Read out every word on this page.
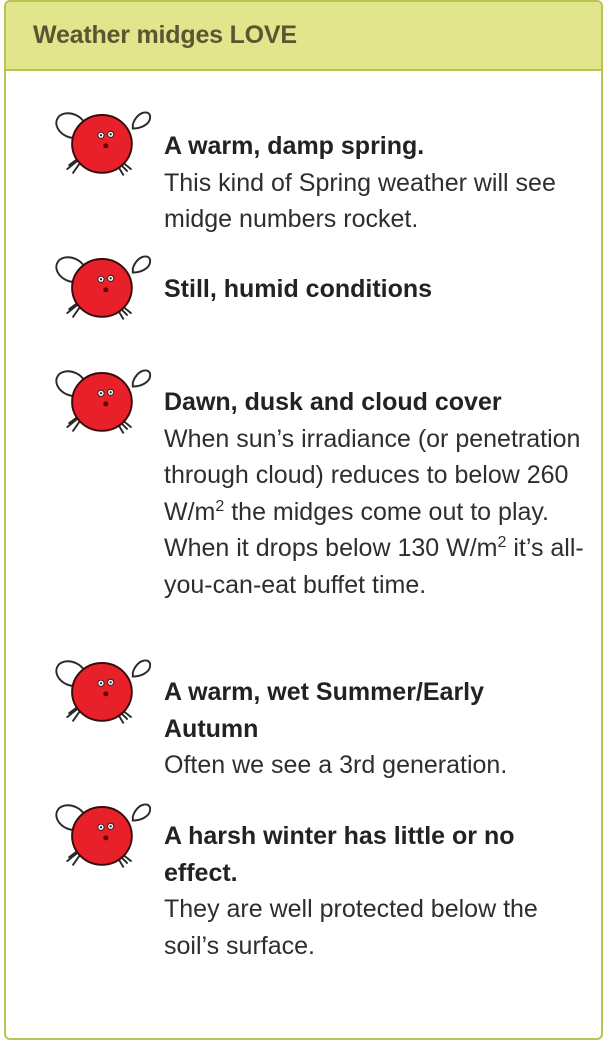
Weather midges LOVE
A warm, damp spring.
This kind of Spring weather will see midge numbers rocket.
Still, humid conditions
Dawn, dusk and cloud cover
When sun’s irradiance (or penetration through cloud) reduces to below 260 $W/m^2$ the midges come out to play. When it drops below 130 $W/m^2$ it’s all-you-can-eat buffet time.
A warm, wet Summer/Early Autumn
Often we see a 3rd generation.
A harsh winter has little or no effect.
They are well protected below the soil’s surface.
